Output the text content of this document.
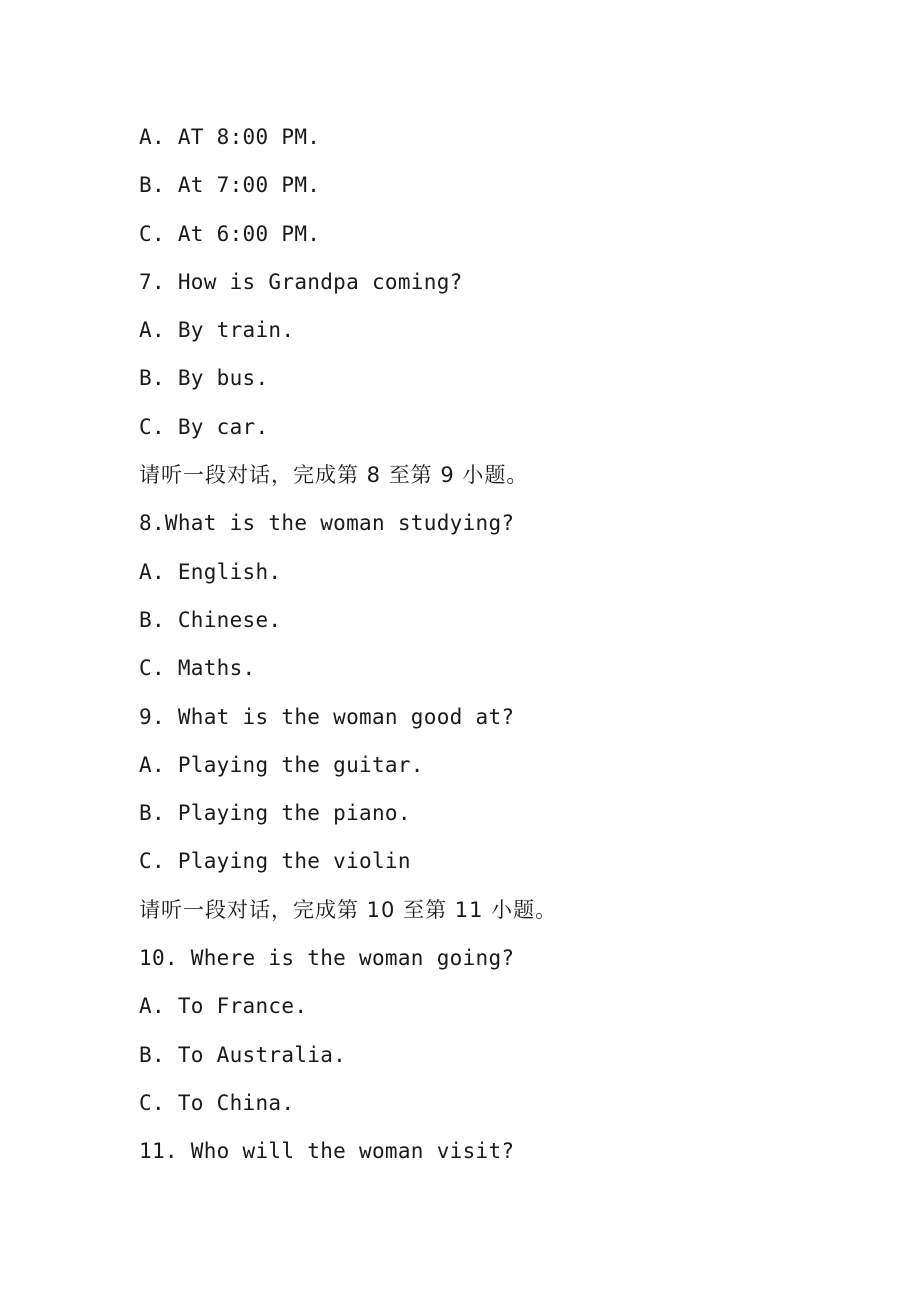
A. AT 8:00 PM.
B. At 7:00 PM.
C. At 6:00 PM.
7. How is Grandpa coming?
A. By train.
B. By bus.
C. By car.
请听一段对话，完成第 8 至第 9 小题。
8.What is the woman studying?
A. English.
B. Chinese.
C. Maths.
9. What is the woman good at?
A. Playing the guitar.
B. Playing the piano.
C. Playing the violin
请听一段对话，完成第 10 至第 11 小题。
10. Where is the woman going?
A. To France.
B. To Australia.
C. To China.
11. Who will the woman visit?
